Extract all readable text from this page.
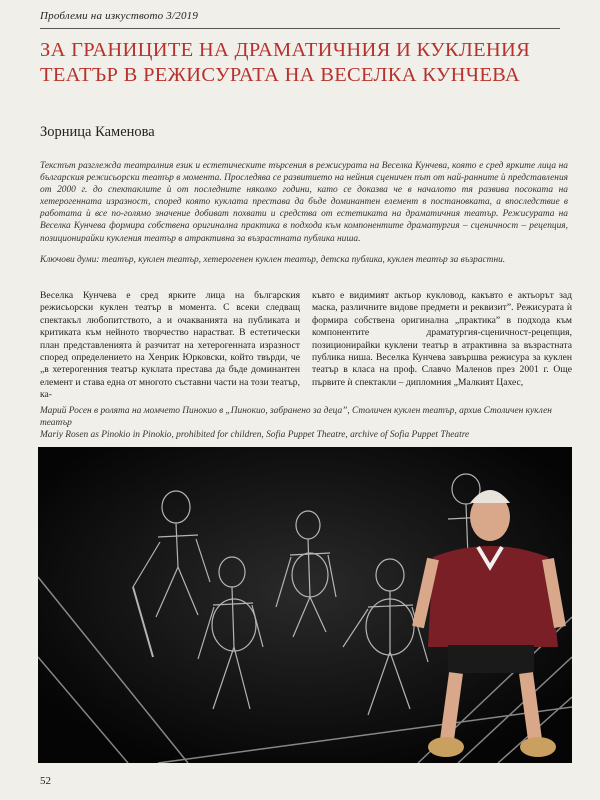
Проблеми на изкуството 3/2019
ЗА ГРАНИЦИТЕ НА ДРАМАТИЧНИЯ И КУКЛЕНИЯ ТЕАТЪР В РЕЖИСУРАТА НА ВЕСЕЛКА КУНЧЕВА
Зорница Каменова
Текстът разглежда театралния език и естетическите търсения в режисурата на Веселка Кунчева, която е сред ярките лица на българския режисьорски театър в момента. Проследява се развитието на нейния сценичен път от най-ранните ѝ представления от 2000 г. до спектаклите ѝ от последните няколко години, като се доказва че в началото тя развива посоката на хетерогенната изразност, според която куклата престава да бъде доминантен елемент в постановката, а впоследствие в работата ѝ все по-голямо значение добиват похвати и средства от естетиката на драматичния театър. Режисурата на Веселка Кунчева формира собствена оригинална практика в подхода към компонентите драматургия – сценичност – рецепция, позиционирайки кукления театър в атрактивна за възрастната публика ниша.
Ключови думи: театър, куклен театър, хетерогенен куклен театър, детска публика, куклен театър за възрастни.
Веселка Кунчева е сред ярките лица на българския режисьорски куклен театър в момента. С всеки следващ спектакъл любопитството, а и очакванията на публиката и критиката към нейното творчество нарастват. В естетически план представленията ѝ разчитат на хетерогенната изразност според определението на Хенрик Юрковски, който твърди, че „в хетерогенния театър куклата престава да бъде доминантен елемент и става една от многото съставни части на този театър, ка-
къвто е видимият актьор кукловод, какъвто е актьорът зад маска, различните видове предмети и реквизит”. Режисурата ѝ формира собствена оригинална „практика” в подхода към компонентите драматургия-сценичност-рецепция, позиционирайки куклени театър в атрактивна за възрастната публика ниша. Веселка Кунчева завършва режисура за куклен театър в класа на проф. Славчо Маленов през 2001 г. Още първите ѝ спектакли – дипломния „Малкият Цахес,
Марий Росен в ролята на момчето Пинокио в „Пинокио, забранено за деца”, Столичен куклен театър, архив Столичен куклен театър
Mariy Rosen as Pinokio in Pinokio, prohibited for children, Sofia Puppet Theatre, archive of Sofia Puppet Theatre
52
